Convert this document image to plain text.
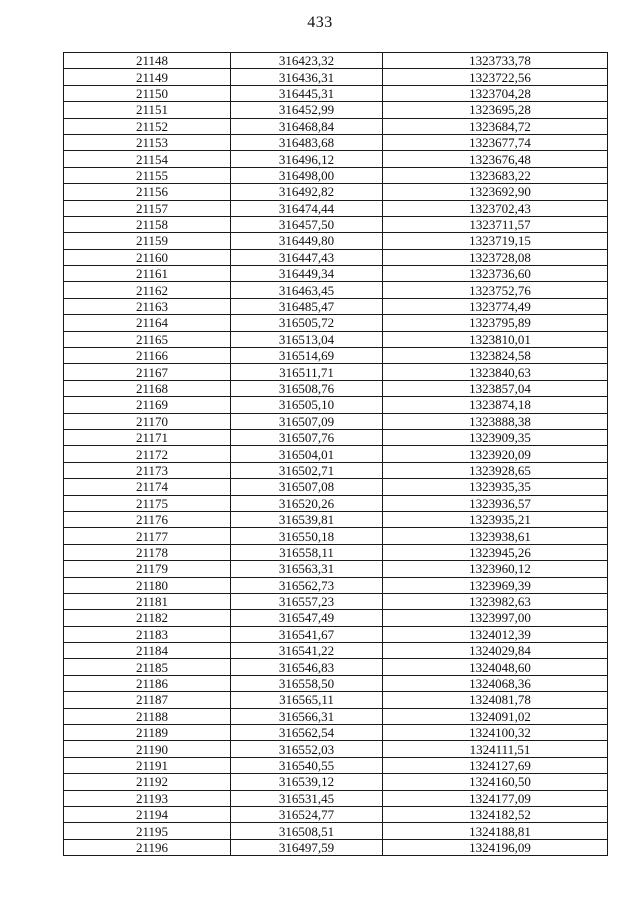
433
21148	316423,32	1323733,78
21149	316436,31	1323722,56
21150	316445,31	1323704,28
21151	316452,99	1323695,28
21152	316468,84	1323684,72
21153	316483,68	1323677,74
21154	316496,12	1323676,48
21155	316498,00	1323683,22
21156	316492,82	1323692,90
21157	316474,44	1323702,43
21158	316457,50	1323711,57
21159	316449,80	1323719,15
21160	316447,43	1323728,08
21161	316449,34	1323736,60
21162	316463,45	1323752,76
21163	316485,47	1323774,49
21164	316505,72	1323795,89
21165	316513,04	1323810,01
21166	316514,69	1323824,58
21167	316511,71	1323840,63
21168	316508,76	1323857,04
21169	316505,10	1323874,18
21170	316507,09	1323888,38
21171	316507,76	1323909,35
21172	316504,01	1323920,09
21173	316502,71	1323928,65
21174	316507,08	1323935,35
21175	316520,26	1323936,57
21176	316539,81	1323935,21
21177	316550,18	1323938,61
21178	316558,11	1323945,26
21179	316563,31	1323960,12
21180	316562,73	1323969,39
21181	316557,23	1323982,63
21182	316547,49	1323997,00
21183	316541,67	1324012,39
21184	316541,22	1324029,84
21185	316546,83	1324048,60
21186	316558,50	1324068,36
21187	316565,11	1324081,78
21188	316566,31	1324091,02
21189	316562,54	1324100,32
21190	316552,03	1324111,51
21191	316540,55	1324127,69
21192	316539,12	1324160,50
21193	316531,45	1324177,09
21194	316524,77	1324182,52
21195	316508,51	1324188,81
21196	316497,59	1324196,09
